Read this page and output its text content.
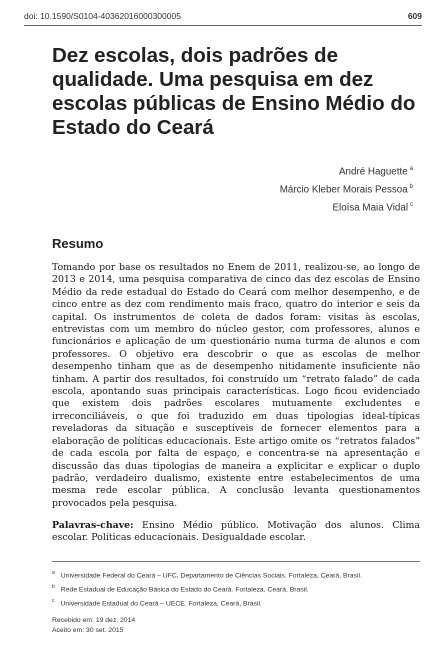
doi: 10.1590/S0104-40362016000300005	609
Dez escolas, dois padrões de qualidade. Uma pesquisa em dez escolas públicas de Ensino Médio do Estado do Ceará
André Haguette $^a$
Márcio Kleber Morais Pessoa $^b$
Eloísa Maia Vidal $^c$
Resumo

Tomando por base os resultados no Enem de 2011, realizou-se, ao longo de 2013 e 2014, uma pesquisa comparativa de cinco das dez escolas de Ensino Médio da rede estadual do Estado do Ceará com melhor desempenho, e de cinco entre as dez com rendimento mais fraco, quatro do interior e seis da capital. Os instrumentos de coleta de dados foram: visitas às escolas, entrevistas com um membro do núcleo gestor, com professores, alunos e funcionários e aplicação de um questionário numa turma de alunos e com professores. O objetivo era descobrir o que as escolas de melhor desempenho tinham que as de desempenho nitidamente insuficiente não tinham. A partir dos resultados, foi construído um “retrato falado” de cada escola, apontando suas principais características. Logo ficou evidenciado que existem dois padrões escolares mutuamente excludentes e irreconciliáveis, o que foi traduzido em duas tipologias ideal-típicas reveladoras da situação e susceptíveis de fornecer elementos para a elaboração de políticas educacionais. Este artigo omite os “retratos falados” de cada escola por falta de espaço, e concentra-se na apresentação e discussão das duas tipologias de maneira a explicitar e explicar o duplo padrão, verdadeiro dualismo, existente entre estabelecimentos de uma mesma rede escolar pública. A conclusão levanta questionamentos provocados pela pesquisa.

Palavras-chave: Ensino Médio público. Motivação dos alunos. Clima escolar. Políticas educacionais. Desigualdade escolar.

$^a$ Universidade Federal do Ceará – UFC, Departamento de Ciências Sociais. Fortaleza, Ceará, Brasil.
$^b$ Rede Estadual de Educação Básica do Estado do Ceará. Fortaleza, Ceará, Brasil.
$^c$ Universidade Estadual do Ceará – UECE. Fortaleza, Ceará, Brasil.
Recebido em: 19 dez. 2014
Aceito em: 30 set. 2015
